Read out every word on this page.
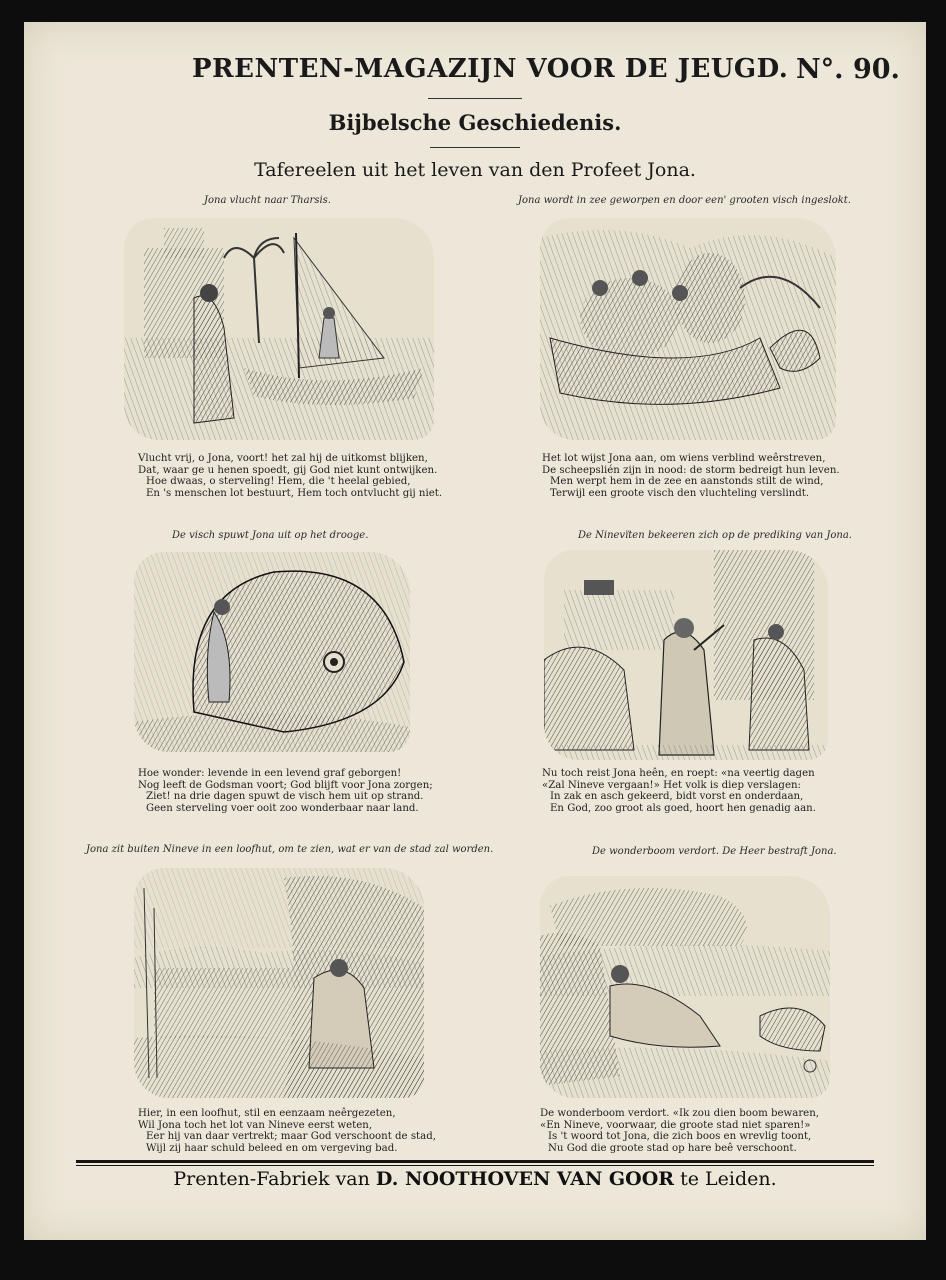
PRENTEN-MAGAZIJN VOOR DE JEUGD. N°. 90.
Bijbelsche Geschiedenis.
Tafereelen uit het leven van den Profeet Jona.
Jona vlucht naar Tharsis.
Vlucht vrij, o Jona, voort! het zal hij de uitkomst blijken,
Dat, waar ge u henen spoedt, gij God niet kunt ontwijken.
Hoe dwaas, o sterveling! Hem, die 't heelal gebied,
En 's menschen lot bestuurt, Hem toch ontvlucht gij niet.
Jona wordt in zee geworpen en door een' grooten visch ingeslokt.
Het lot wijst Jona aan, om wiens verblind weêrstreven,
De scheepslién zijn in nood: de storm bedreigt hun leven.
Men werpt hem in de zee en aanstonds stilt de wind,
Terwijl een groote visch den vluchteling verslindt.
De visch spuwt Jona uit op het droogе.
Hoe wonder: levende in een levend graf geborgen!
Nog leeft de Godsman voort; God blijft voor Jona zorgen;
Ziet! na drie dagen spuwt de visch hem uit op strand.
Geen sterveling voer ooit zoo wonderbaar naar land.
De Ninevïten bekeeren zich op de prediking van Jona.
Nu toch reist Jona heên, en roept: «na veertig dagen
«Zal Nineve vergaan!» Het volk is diep verslagen:
In zak en asch gekeerd, bidt vorst en onderdaan,
En God, zoo groot als goed, hoort hen genadig aan.
Jona zit buiten Nineve in een loofhut, om te zien, wat er van de stad zal worden.
Hier, in een loofhut, stil en eenzaam neêrgezeten,
Wil Jona toch het lot van Nineve eerst weten,
Eer hij van daar vertrekt; maar God verschoont de stad,
Wijl zij haar schuld beleed en om vergeving bad.
De wonderboom verdort. De Heer bestraft Jona.
De wonderboom verdort. «Ik zou dien boom bewaren,
«En Nineve, voorwaar, die groote stad niet sparen!»
Is 't woord tot Jona, die zich boos en wrevlig toont,
Nu God die groote stad op hare beê verschoont.
Prenten-Fabriek van D. NOOTHOVEN VAN GOOR te Leiden.
